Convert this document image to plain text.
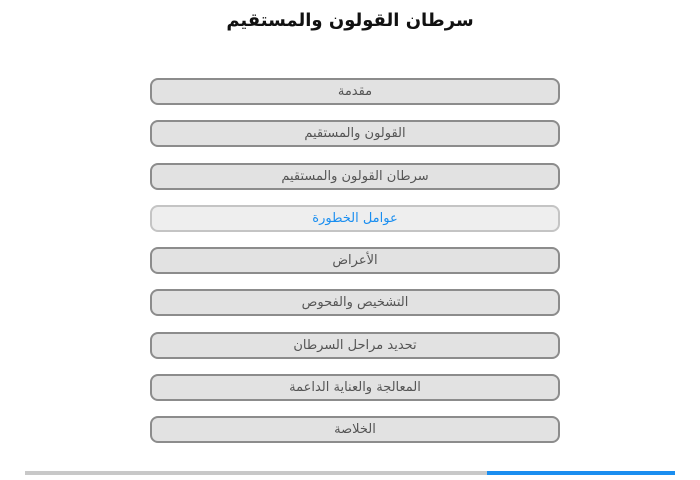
سرطان القولون والمستقيم
مقدمة
القولون والمستقيم
سرطان القولون والمستقيم
عوامل الخطورة
الأعراض
التشخيص والفحوص
تحديد مراحل السرطان
المعالجة والعناية الداعمة
الخلاصة
